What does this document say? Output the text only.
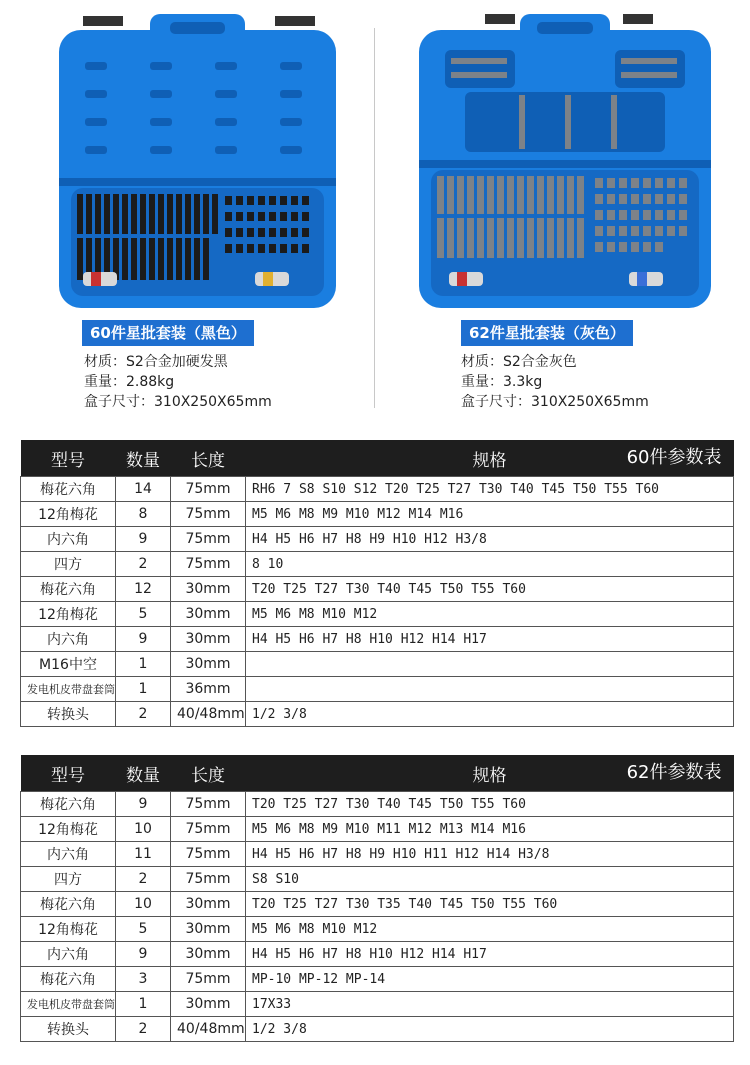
60件星批套装（黑色）
材质：S2合金加硬发黑
重量：2.88kg
盒子尺寸：310X250X65mm
62件星批套装（灰色）
材质：S2合金灰色
重量：3.3kg
盒子尺寸：310X250X65mm
型号	数量	长度	规格 60件参数表

梅花六角	14	75mm	RH6 7 S8 S10 S12 T20 T25 T27 T30 T40 T45 T50 T55 T60
12角梅花	8	75mm	M5 M6 M8 M9 M10 M12 M14 M16
内六角	9	75mm	H4 H5 H6 H7 H8 H9 H10 H12 H3/8
四方	2	75mm	8 10
梅花六角	12	30mm	T20 T25 T27 T30 T40 T45 T50 T55 T60
12角梅花	5	30mm	M5 M6 M8 M10 M12
内六角	9	30mm	H4 H5 H6 H7 H8 H10 H12 H14 H17
M16中空	1	30mm	
发电机皮带盘套筒	1	36mm	
转换头	2	40/48mm	1/2 3/8
型号	数量	长度	规格 62件参数表

梅花六角	9	75mm	T20 T25 T27 T30 T40 T45 T50 T55 T60
12角梅花	10	75mm	M5 M6 M8 M9 M10 M11 M12 M13 M14 M16
内六角	11	75mm	H4 H5 H6 H7 H8 H9 H10 H11 H12 H14 H3/8
四方	2	75mm	S8 S10
梅花六角	10	30mm	T20 T25 T27 T30 T35 T40 T45 T50 T55 T60
12角梅花	5	30mm	M5 M6 M8 M10 M12
内六角	9	30mm	H4 H5 H6 H7 H8 H10 H12 H14 H17
梅花六角	3	75mm	MP-10 MP-12 MP-14
发电机皮带盘套筒	1	30mm	17X33
转换头	2	40/48mm	1/2 3/8
